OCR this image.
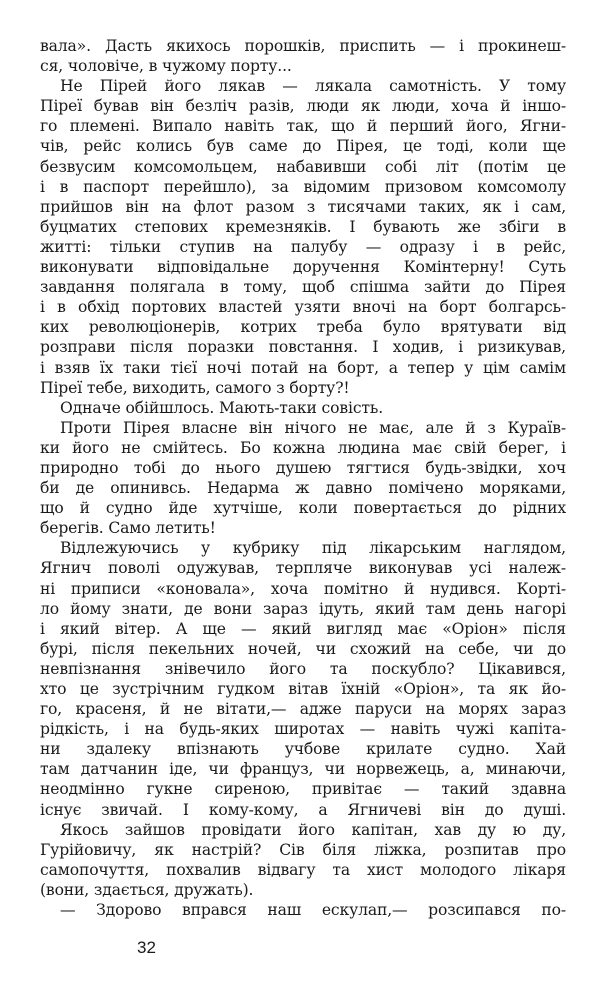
вала». Дасть якихось порошків, приспить — і прокинеш-
ся, чоловіче, в чужому порту...
Не Пірей його лякав — лякала самотність. У тому
Піреї бував він безліч разів, люди як люди, хоча й іншо-
го племені. Випало навіть так, що й перший його, Ягни-
чів, рейс колись був саме до Пірея, це тоді, коли ще
безвусим комсомольцем, набавивши собі літ (потім це
і в паспорт перейшло), за відомим призовом комсомолу
прийшов він на флот разом з тисячами таких, як і сам,
буцматих степових кремезняків. І бувають же збіги в
житті: тільки ступив на палубу — одразу і в рейс,
виконувати відповідальне доручення Комінтерну! Суть
завдання полягала в тому, щоб спішма зайти до Пірея
і в обхід портових властей узяти вночі на борт болгарсь-
ких революціонерів, котрих треба було врятувати від
розправи після поразки повстання. І ходив, і ризикував,
і взяв їх таки тієї ночі потай на борт, а тепер у цім самім
Піреї тебе, виходить, самого з борту?!
Одначе обійшлось. Мають-таки совість.
Проти Пірея власне він нічого не має, але й з Кураїв-
ки його не смійтесь. Бо кожна людина має свій берег, і
природно тобі до нього душею тягтися будь-звідки, хоч
би де опинивсь. Недарма ж давно помічено моряками,
що й судно йде хутчіше, коли повертається до рідних
берегів. Само летить!
Відлежуючись у кубрику під лікарським наглядом,
Ягнич поволі одужував, терпляче виконував усі належ-
ні приписи «коновала», хоча помітно й нудився. Корті-
ло йому знати, де вони зараз ідуть, який там день нагорі
і який вітер. А ще — який вигляд має «Оріон» після
бурі, після пекельних ночей, чи схожий на себе, чи до
невпізнання знівечило його та поскубло? Цікавився,
хто це зустрічним гудком вітав їхній «Оріон», та як йо-
го, красеня, й не вітати,— адже паруси на морях зараз
рідкість, і на будь-яких широтах — навіть чужі капіта-
ни здалеку впізнають учбове крилате судно. Хай
там датчанин іде, чи француз, чи норвежець, а, минаючи,
неодмінно гукне сиреною, привітає — такий здавна
існує звичай. І кому-кому, а Ягничеві він до душі.
Якось зайшов провідати його капітан, хав ду ю ду,
Гурійовичу, як настрій? Сів біля ліжка, розпитав про
самопочуття, похвалив відвагу та хист молодого лікаря
(вони, здається, дружать).
— Здорово вправся наш ескулап,— розсипався по-
32
